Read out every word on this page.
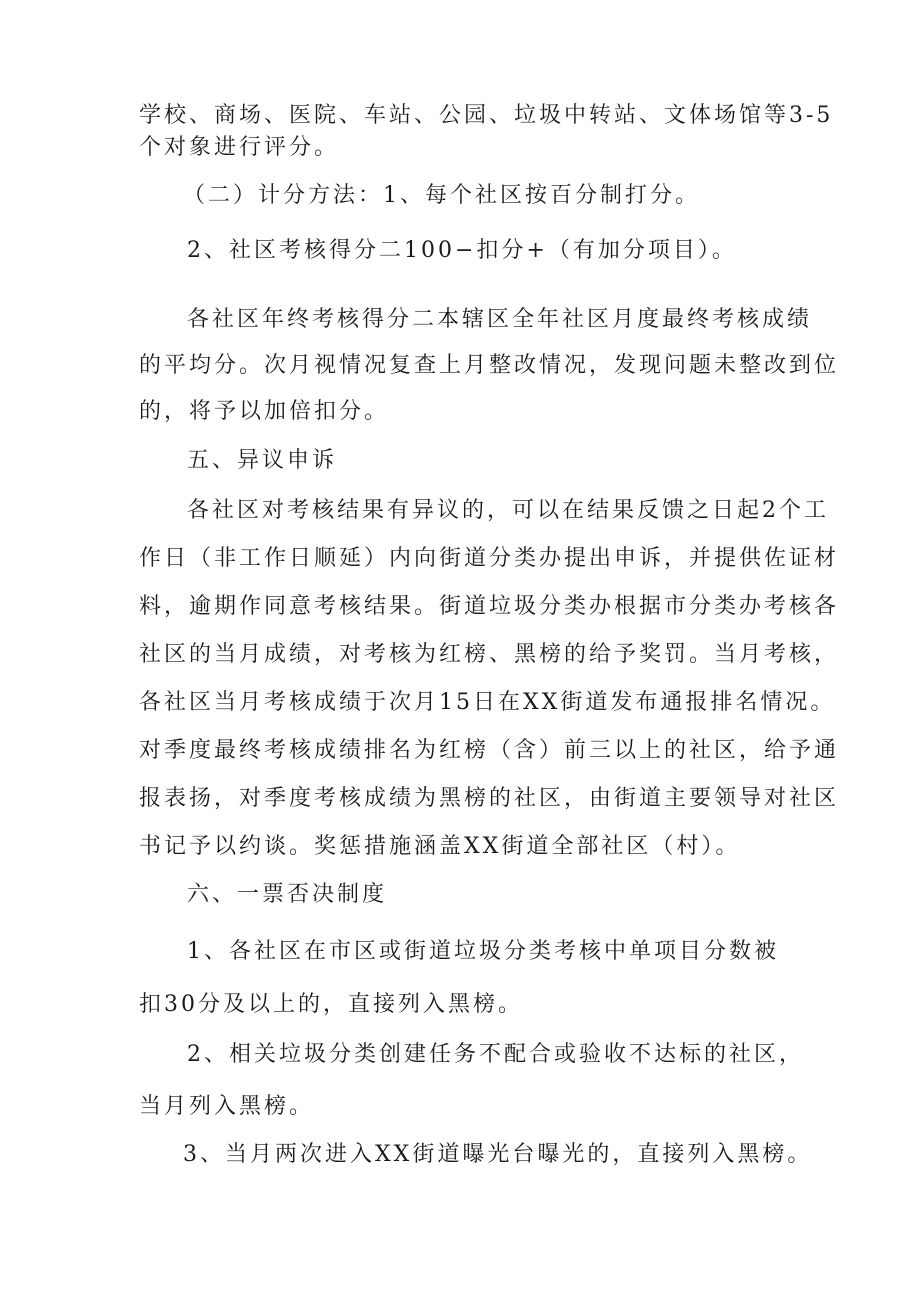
学校、商场、医院、车站、公园、垃圾中转站、文体场馆等3-5
个对象进行评分。
（二）计分方法：1、每个社区按百分制打分。
2、社区考核得分二100−扣分+（有加分项目）。
各社区年终考核得分二本辖区全年社区月度最终考核成绩
的平均分。次月视情况复查上月整改情况，发现问题未整改到位
的，将予以加倍扣分。
五、异议申诉
各社区对考核结果有异议的，可以在结果反馈之日起2个工
作日（非工作日顺延）内向街道分类办提出申诉，并提供佐证材
料，逾期作同意考核结果。街道垃圾分类办根据市分类办考核各
社区的当月成绩，对考核为红榜、黑榜的给予奖罚。当月考核，
各社区当月考核成绩于次月15日在XX街道发布通报排名情况。
对季度最终考核成绩排名为红榜（含）前三以上的社区，给予通
报表扬，对季度考核成绩为黑榜的社区，由街道主要领导对社区
书记予以约谈。奖惩措施涵盖XX街道全部社区（村）。
六、一票否决制度
1、各社区在市区或街道垃圾分类考核中单项目分数被
扣30分及以上的，直接列入黑榜。
2、相关垃圾分类创建任务不配合或验收不达标的社区，
当月列入黑榜。
3、当月两次进入XX街道曝光台曝光的，直接列入黑榜。
